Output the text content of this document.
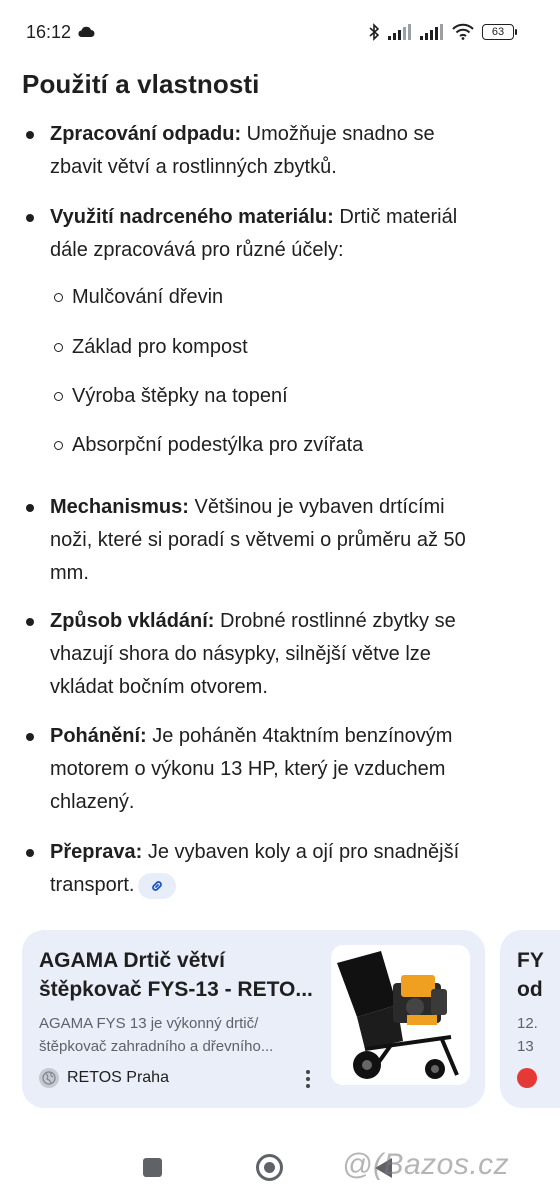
16:12	63
Použití a vlastnosti
Zpracování odpadu: Umožňuje snadno se
zbavit větví a rostlinných zbytků.
Využití nadrceného materiálu: Drtič materiál
dále zpracovává pro různé účely:
Mulčování dřevin
Základ pro kompost
Výroba štěpky na topení
Absorpční podestýlka pro zvířata
Mechanismus: Většinou je vybaven drtícími
noži, které si poradí s větvemi o průměru až 50
mm.
Způsob vkládání: Drobné rostlinné zbytky se
vhazují shora do násypky, silnější větve lze
vkládat bočním otvorem.
Pohánění: Je poháněn 4taktním benzínovým
motorem o výkonu 13 HP, který je vzduchem
chlazený.
Přeprava: Je vybaven koly a ojí pro snadnější
transport.
AGAMA Drtič větví
štěpkovač FYS-13 - RETO...
AGAMA FYS 13 je výkonný drtič/
štěpkovač zahradního a dřevního...
RETOS Praha
FY
od
12.
13
@(Bazos.cz
